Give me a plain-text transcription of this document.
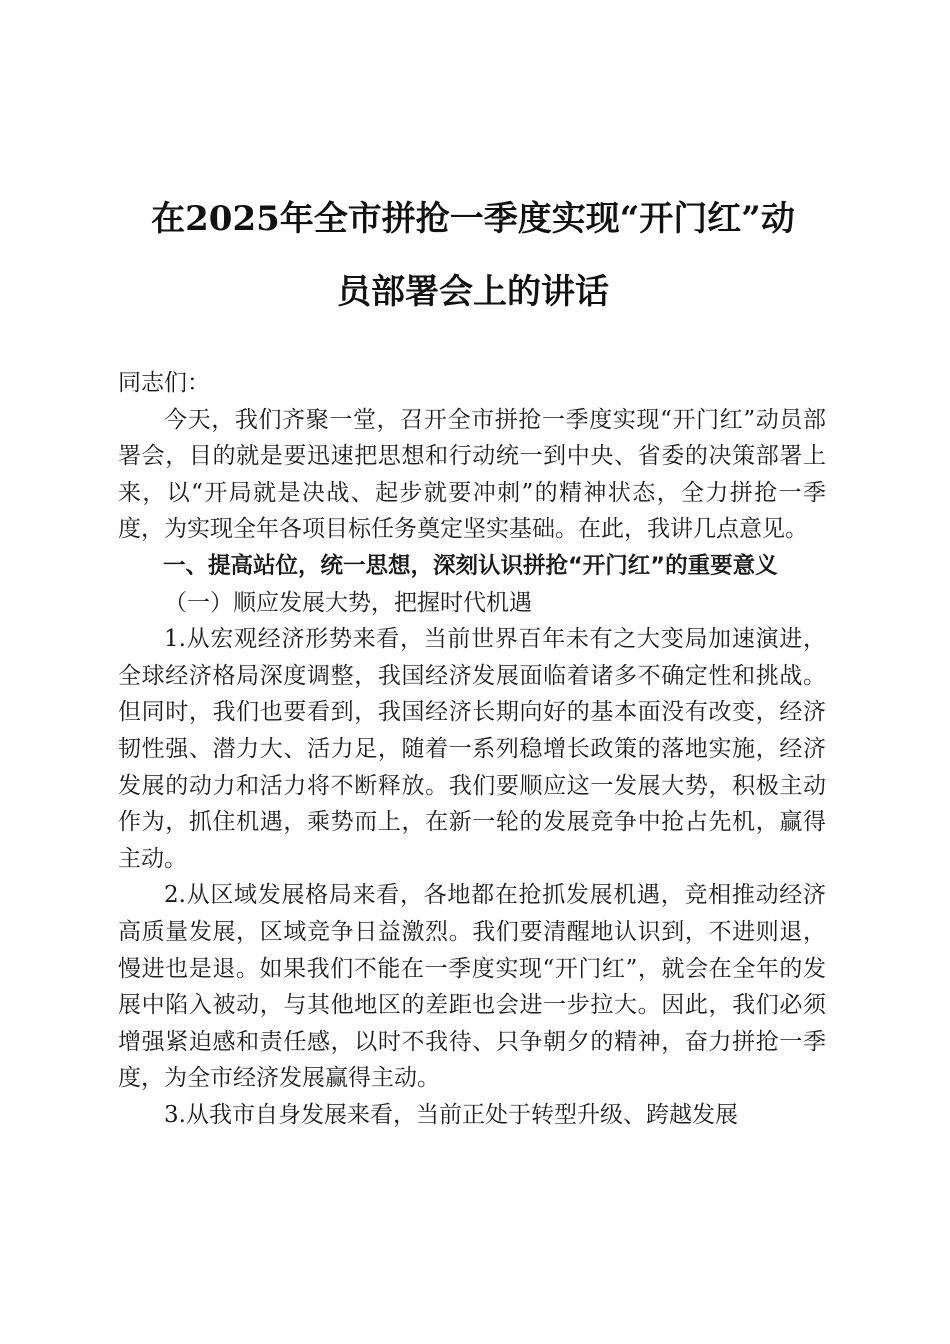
在2025年全市拼抢一季度实现“开门红”动
员部署会上的讲话

同志们：

今天，我们齐聚一堂，召开全市拼抢一季度实现“开门红”动员部署会，目的就是要迅速把思想和行动统一到中央、省委的决策部署上来，以“开局就是决战、起步就要冲刺”的精神状态，全力拼抢一季度，为实现全年各项目标任务奠定坚实基础。在此，我讲几点意见。

一、提高站位，统一思想，深刻认识拼抢“开门红”的重要意义

（一）顺应发展大势，把握时代机遇

1.从宏观经济形势来看，当前世界百年未有之大变局加速演进，全球经济格局深度调整，我国经济发展面临着诸多不确定性和挑战。但同时，我们也要看到，我国经济长期向好的基本面没有改变，经济韧性强、潜力大、活力足，随着一系列稳增长政策的落地实施，经济发展的动力和活力将不断释放。我们要顺应这一发展大势，积极主动作为，抓住机遇，乘势而上，在新一轮的发展竞争中抢占先机，赢得主动。

2.从区域发展格局来看，各地都在抢抓发展机遇，竞相推动经济高质量发展，区域竞争日益激烈。我们要清醒地认识到，不进则退，慢进也是退。如果我们不能在一季度实现“开门红”，就会在全年的发展中陷入被动，与其他地区的差距也会进一步拉大。因此，我们必须增强紧迫感和责任感，以时不我待、只争朝夕的精神，奋力拼抢一季度，为全市经济发展赢得主动。

3.从我市自身发展来看，当前正处于转型升级、跨越发展
